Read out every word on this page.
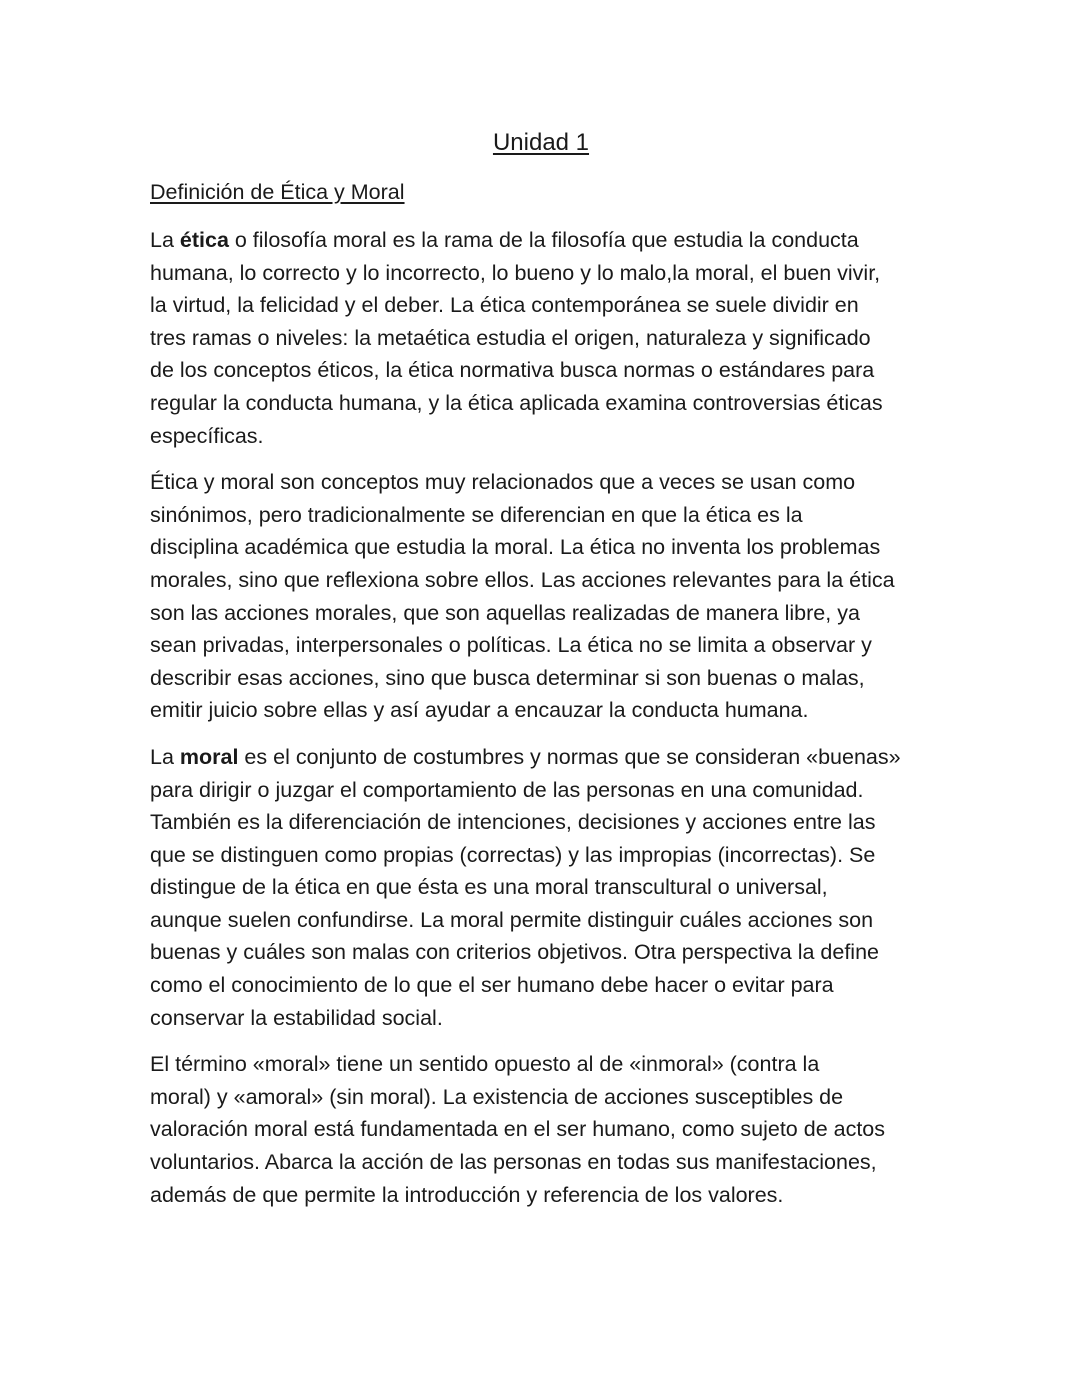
Unidad 1
Definición de Ética y Moral

La ética o filosofía moral es la rama de la filosofía que estudia la conducta
humana, lo correcto y lo incorrecto, lo bueno y lo malo,la moral, el buen vivir,
la virtud, la felicidad y el deber. La ética contemporánea se suele dividir en
tres ramas o niveles: la metaética estudia el origen, naturaleza y significado
de los conceptos éticos, la ética normativa busca normas o estándares para
regular la conducta humana, y la ética aplicada examina controversias éticas
específicas.

Ética y moral son conceptos muy relacionados que a veces se usan como
sinónimos, pero tradicionalmente se diferencian en que la ética es la
disciplina académica que estudia la moral. La ética no inventa los problemas
morales, sino que reflexiona sobre ellos. Las acciones relevantes para la ética
son las acciones morales, que son aquellas realizadas de manera libre, ya
sean privadas, interpersonales o políticas. La ética no se limita a observar y
describir esas acciones, sino que busca determinar si son buenas o malas,
emitir juicio sobre ellas y así ayudar a encauzar la conducta humana.

La moral es el conjunto de costumbres y normas que se consideran «buenas»
para dirigir o juzgar el comportamiento de las personas en una comunidad.
También es la diferenciación de intenciones, decisiones y acciones entre las
que se distinguen como propias (correctas) y las impropias (incorrectas). Se
distingue de la ética en que ésta es una moral transcultural o universal,
aunque suelen confundirse. La moral permite distinguir cuáles acciones son
buenas y cuáles son malas con criterios objetivos. Otra perspectiva la define
como el conocimiento de lo que el ser humano debe hacer o evitar para
conservar la estabilidad social.

El término «moral» tiene un sentido opuesto al de «inmoral» (contra la
moral) y «amoral» (sin moral). La existencia de acciones susceptibles de
valoración moral está fundamentada en el ser humano, como sujeto de actos
voluntarios. Abarca la acción de las personas en todas sus manifestaciones,
además de que permite la introducción y referencia de los valores.
